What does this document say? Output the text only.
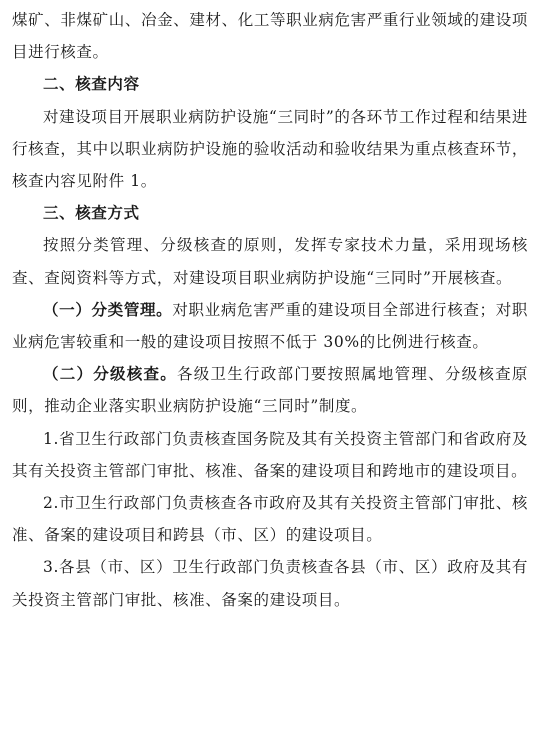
煤矿、非煤矿山、冶金、建材、化工等职业病危害严重行业领域的建设项目进行核查。

二、核查内容

对建设项目开展职业病防护设施“三同时”的各环节工作过程和结果进行核查，其中以职业病防护设施的验收活动和验收结果为重点核查环节，核查内容见附件 1。

三、核查方式

按照分类管理、分级核查的原则，发挥专家技术力量，采用现场核查、查阅资料等方式，对建设项目职业病防护设施“三同时”开展核查。

（一）分类管理。对职业病危害严重的建设项目全部进行核查；对职业病危害较重和一般的建设项目按照不低于 30%的比例进行核查。

（二）分级核查。各级卫生行政部门要按照属地管理、分级核查原则，推动企业落实职业病防护设施“三同时”制度。

1.省卫生行政部门负责核查国务院及其有关投资主管部门和省政府及其有关投资主管部门审批、核准、备案的建设项目和跨地市的建设项目。

2.市卫生行政部门负责核查各市政府及其有关投资主管部门审批、核准、备案的建设项目和跨县（市、区）的建设项目。

3.各县（市、区）卫生行政部门负责核查各县（市、区）政府及其有关投资主管部门审批、核准、备案的建设项目。
